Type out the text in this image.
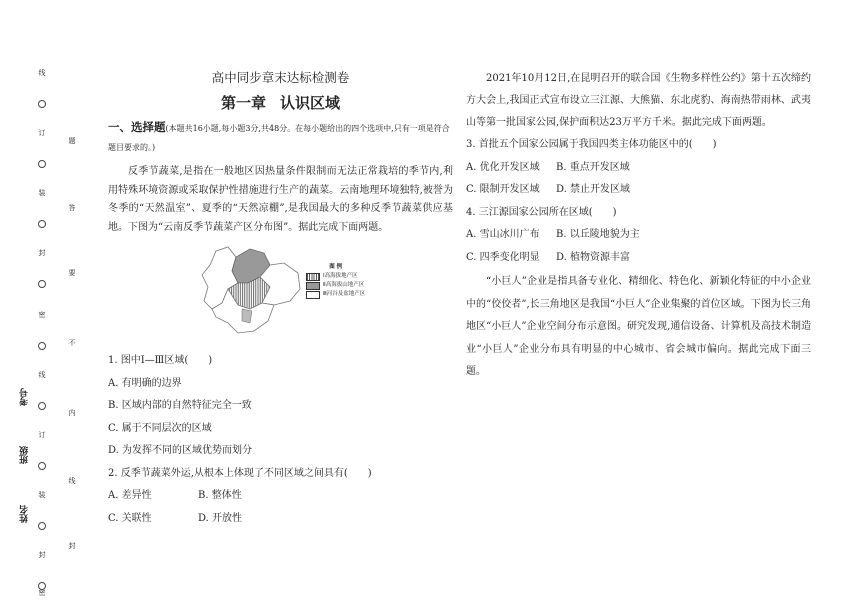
线
订
装
封
密
线
订
装
封
密
题
答
要
不
内
线
封
考号
班级
姓名
高中同步章末达标检测卷
第一章 认识区域

一、选择题(本题共16小题,每小题3分,共48分。在每小题给出的四个选项中,只有一项是符合题目要求的。)

反季节蔬菜,是指在一般地区因热量条件限制而无法正常栽培的季节内,利用特殊环境资源或采取保护性措施进行生产的蔬菜。云南地理环境独特,被誉为冬季的“天然温室”、夏季的“天然凉棚”,是我国最大的多种反季节蔬菜供应基地。下图为“云南反季节蔬菜产区分布图”。据此完成下面两题。

图 例
Ⅰ高海拔地产区
Ⅱ高海拔山地产区
Ⅲ河谷及盆地产区

1. 图中Ⅰ—Ⅲ区域(　　)

A. 有明确的边界

B. 区域内部的自然特征完全一致

C. 属于不同层次的区域

D. 为发挥不同的区域优势而划分

2. 反季节蔬菜外运,从根本上体现了不同区域之间具有(　　)

A. 差异性	B. 整体性
C. 关联性	D. 开放性

2021年10月12日,在昆明召开的联合国《生物多样性公约》第十五次缔约方大会上,我国正式宣布设立三江源、大熊猫、东北虎豹、海南热带雨林、武夷山等第一批国家公园,保护面积达23万平方千米。据此完成下面两题。

3. 首批五个国家公园属于我国四类主体功能区中的(　　)

A. 优化开发区域	B. 重点开发区域
C. 限制开发区域	D. 禁止开发区域

4. 三江源国家公园所在区域(　　)

A. 雪山冰川广布	B. 以丘陵地貌为主
C. 四季变化明显	D. 植物资源丰富

“小巨人”企业是指具备专业化、精细化、特色化、新颖化特征的中小企业中的“佼佼者”,长三角地区是我国“小巨人”企业集聚的首位区域。下图为长三角地区“小巨人”企业空间分布示意图。研究发现,通信设备、计算机及高技术制造业“小巨人”企业分布具有明显的中心城市、省会城市偏向。据此完成下面三题。
